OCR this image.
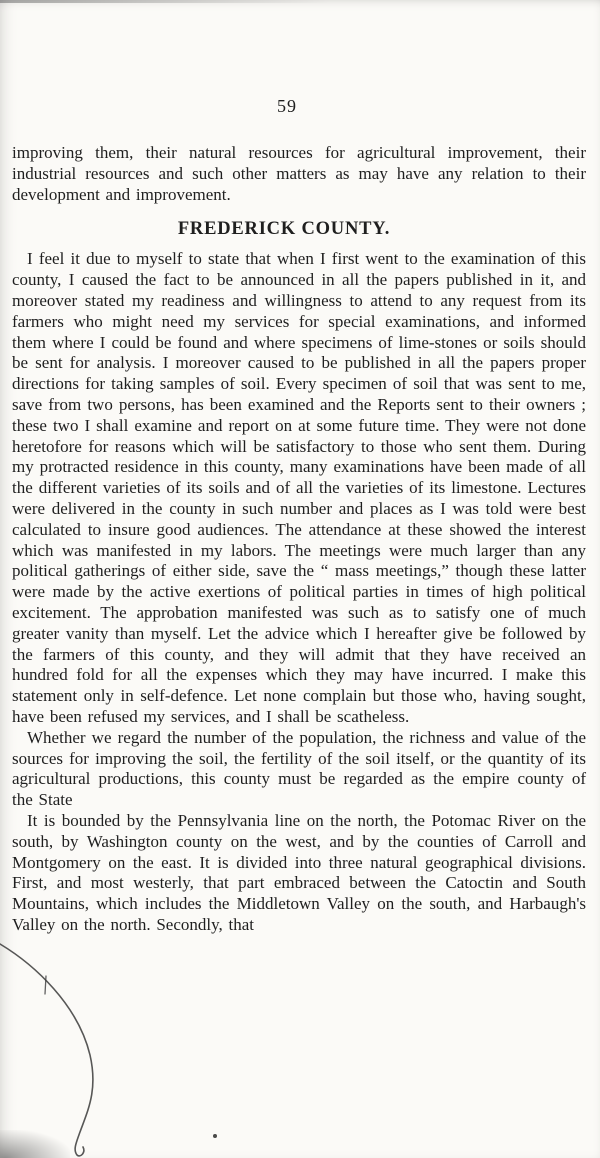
59

improving them, their natural resources for agricultural improvement, their industrial resources and such other matters as may have any relation to their development and improvement.

FREDERICK COUNTY.

I feel it due to myself to state that when I first went to the examination of this county, I caused the fact to be announced in all the papers published in it, and moreover stated my readiness and willingness to attend to any request from its farmers who might need my services for special examinations, and informed them where I could be found and where specimens of lime-stones or soils should be sent for analysis. I moreover caused to be published in all the papers proper directions for taking samples of soil. Every specimen of soil that was sent to me, save from two persons, has been examined and the Reports sent to their owners ; these two I shall examine and report on at some future time. They were not done heretofore for reasons which will be satisfactory to those who sent them. During my protracted residence in this county, many examinations have been made of all the different varieties of its soils and of all the varieties of its limestone. Lectures were delivered in the county in such number and places as I was told were best calculated to insure good audiences. The attendance at these showed the interest which was manifested in my labors. The meetings were much larger than any political gatherings of either side, save the “ mass meetings,” though these latter were made by the active exertions of political parties in times of high political excitement. The approbation manifested was such as to satisfy one of much greater vanity than myself. Let the advice which I hereafter give be followed by the farmers of this county, and they will admit that they have received an hundred fold for all the expenses which they may have incurred. I make this statement only in self-defence. Let none complain but those who, having sought, have been refused my services, and I shall be scatheless.

Whether we regard the number of the population, the richness and value of the sources for improving the soil, the fertility of the soil itself, or the quantity of its agricultural productions, this county must be regarded as the empire county of the State

It is bounded by the Pennsylvania line on the north, the Potomac River on the south, by Washington county on the west, and by the counties of Carroll and Montgomery on the east. It is divided into three natural geographical divisions. First, and most westerly, that part embraced between the Catoctin and South Mountains, which includes the Middletown Valley on the south, and Harbaugh's Valley on the north. Secondly, that
